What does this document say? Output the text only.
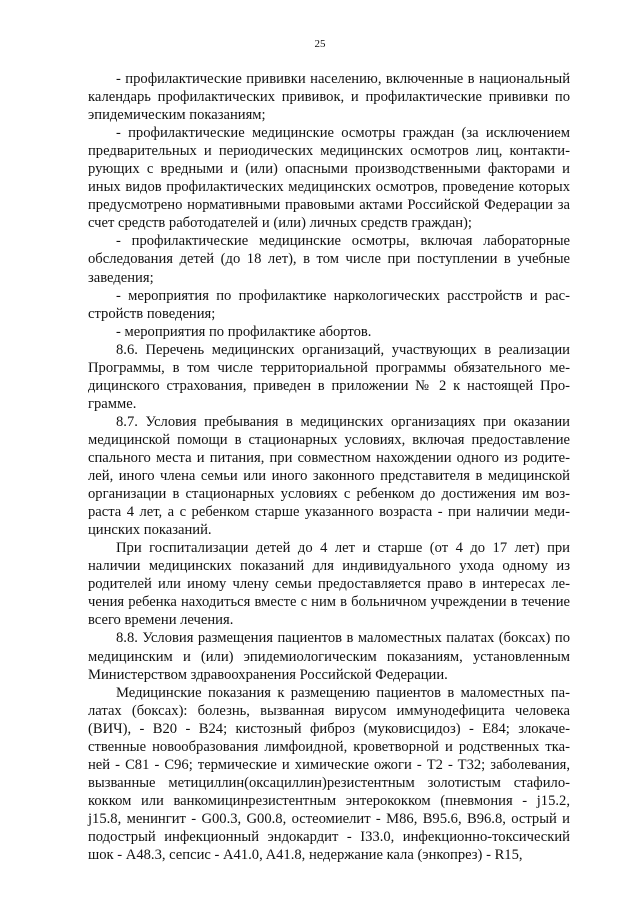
25

- профилактические прививки населению, включенные в национальный календарь профилактических прививок, и профилактические прививки по эпидемическим показаниям;

- профилактические медицинские осмотры граждан (за исключением предварительных и периодических медицинских осмотров лиц, контактирующих с вредными и (или) опасными производственными факторами и иных видов профилактических медицинских осмотров, проведение которых предусмотрено нормативными правовыми актами Российской Федерации за счет средств работодателей и (или) личных средств граждан);

- профилактические медицинские осмотры, включая лабораторные обследования детей (до 18 лет), в том числе при поступлении в учебные заведения;

- мероприятия по профилактике наркологических расстройств и расстройств поведения;

- мероприятия по профилактике абортов.

8.6. Перечень медицинских организаций, участвующих в реализации Программы, в том числе территориальной программы обязательного медицинского страхования, приведен в приложении № 2 к настоящей Программе.

8.7. Условия пребывания в медицинских организациях при оказании медицинской помощи в стационарных условиях, включая предоставление спального места и питания, при совместном нахождении одного из родителей, иного члена семьи или иного законного представителя в медицинской организации в стационарных условиях с ребенком до достижения им возраста 4 лет, а с ребенком старше указанного возраста - при наличии медицинских показаний.

При госпитализации детей до 4 лет и старше (от 4 до 17 лет) при наличии медицинских показаний для индивидуального ухода одному из родителей или иному члену семьи предоставляется право в интересах лечения ребенка находиться вместе с ним в больничном учреждении в течение всего времени лечения.

8.8. Условия размещения пациентов в маломестных палатах (боксах) по медицинским и (или) эпидемиологическим показаниям, установленным Министерством здравоохранения Российской Федерации.

Медицинские показания к размещению пациентов в маломестных палатах (боксах): болезнь, вызванная вирусом иммунодефицита человека (ВИЧ), - B20 - B24; кистозный фиброз (муковисцидоз) - E84; злокачественные новообразования лимфоидной, кроветворной и родственных тканей - C81 - C96; термические и химические ожоги - T2 - T32; заболевания, вызванные метициллин(оксациллин)резистентным золотистым стафилококком или ванкомицинрезистентным энтерококком (пневмония - j15.2, j15.8, менингит - G00.3, G00.8, остеомиелит - M86, B95.6, B96.8, острый и подострый инфекционный эндокардит - I33.0, инфекционно-токсический шок - A48.3, сепсис - A41.0, A41.8, недержание кала (энкопрез) - R15,
